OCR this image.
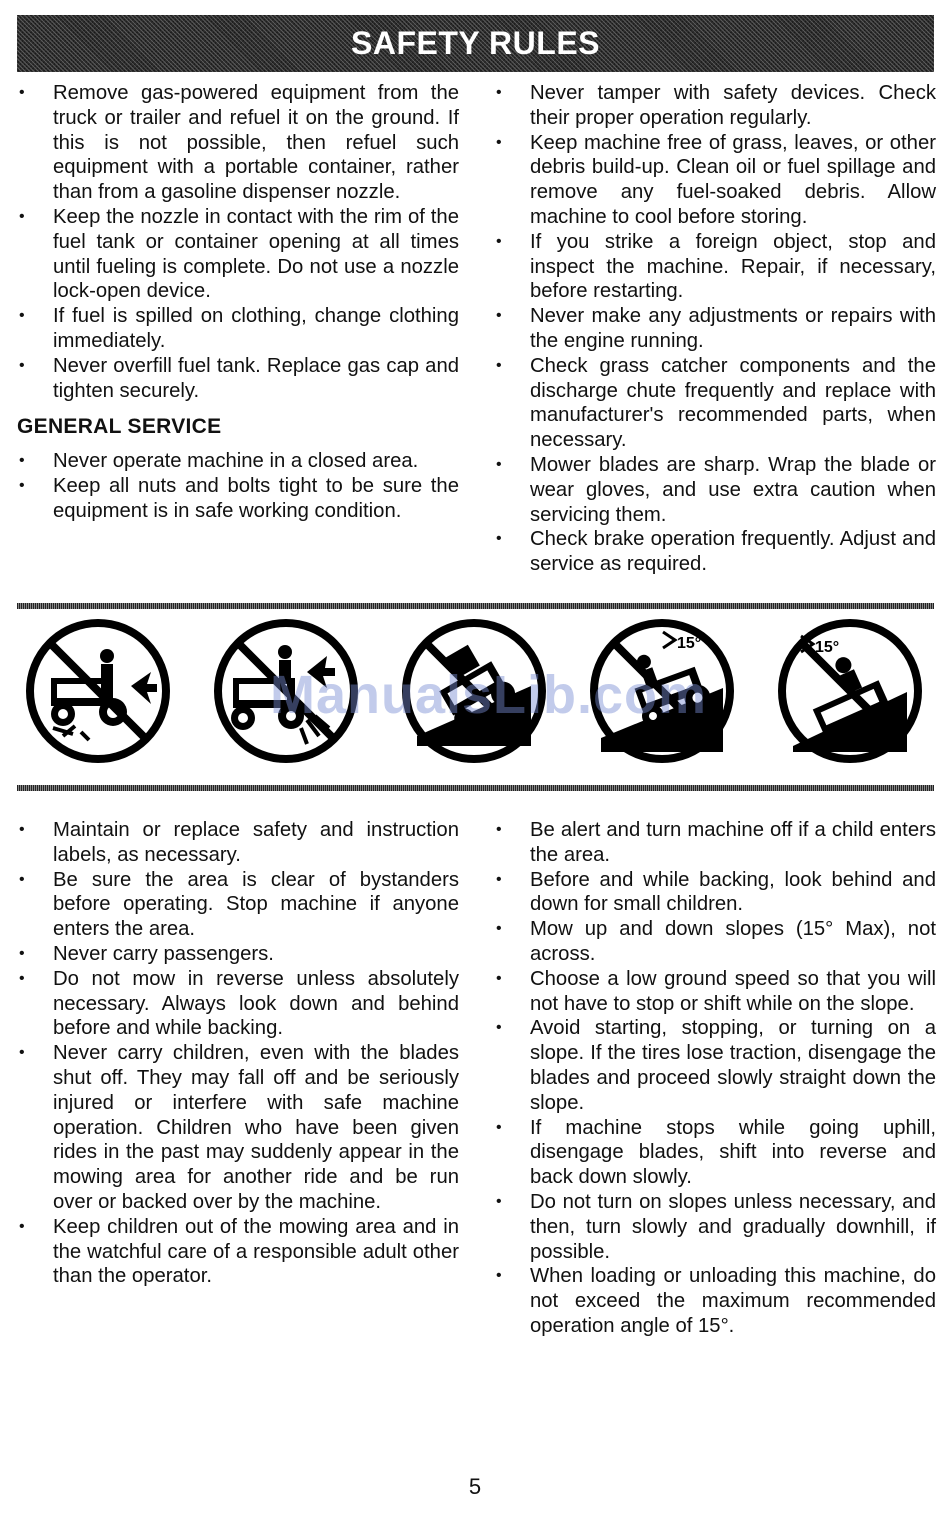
SAFETY RULES
• Remove gas-powered equipment from the truck or trailer and refuel it on the ground. If this is not possible, then refuel such equipment with a portable container, rather than from a gasoline dispenser nozzle.
• Keep the nozzle in contact with the rim of the fuel tank or container opening at all times until fueling is complete. Do not use a nozzle lock-open device.
• If fuel is spilled on clothing, change clothing immediately.
• Never overfill fuel tank. Replace gas cap and tighten securely.
GENERAL SERVICE
• Never operate machine in a closed area.
• Keep all nuts and bolts tight to be sure the equipment is in safe working condition.
• Never tamper with safety devices. Check their proper operation regularly.
• Keep machine free of grass, leaves, or other debris build-up. Clean oil or fuel spillage and remove any fuel-soaked debris. Allow machine to cool before storing.
• If you strike a foreign object, stop and inspect the machine. Repair, if necessary, before restarting.
• Never make any adjustments or repairs with the engine running.
• Check grass catcher components and the discharge chute frequently and replace with manufacturer's recommended parts, when necessary.
• Mower blades are sharp. Wrap the blade or wear gloves, and use extra caution when servicing them.
• Check brake operation frequently. Adjust and service as required.
15°	15°
ManualsLib.com
• Maintain or replace safety and instruction labels, as necessary.
• Be sure the area is clear of bystanders before operating. Stop machine if anyone enters the area.
• Never carry passengers.
• Do not mow in reverse unless absolutely necessary. Always look down and behind before and while backing.
• Never carry children, even with the blades shut off. They may fall off and be seriously injured or interfere with safe machine operation. Children who have been given rides in the past may suddenly appear in the mowing area for another ride and be run over or backed over by the machine.
• Keep children out of the mowing area and in the watchful care of a responsible adult other than the operator.
• Be alert and turn machine off if a child enters the area.
• Before and while backing, look behind and down for small children.
• Mow up and down slopes (15° Max), not across.
• Choose a low ground speed so that you will not have to stop or shift while on the slope.
• Avoid starting, stopping, or turning on a slope. If the tires lose traction, disengage the blades and proceed slowly straight down the slope.
• If machine stops while going uphill, disengage blades, shift into reverse and back down slowly.
• Do not turn on slopes unless necessary, and then, turn slowly and gradually downhill, if possible.
• When loading or unloading this machine, do not exceed the maximum recommended operation angle of 15°.
5
